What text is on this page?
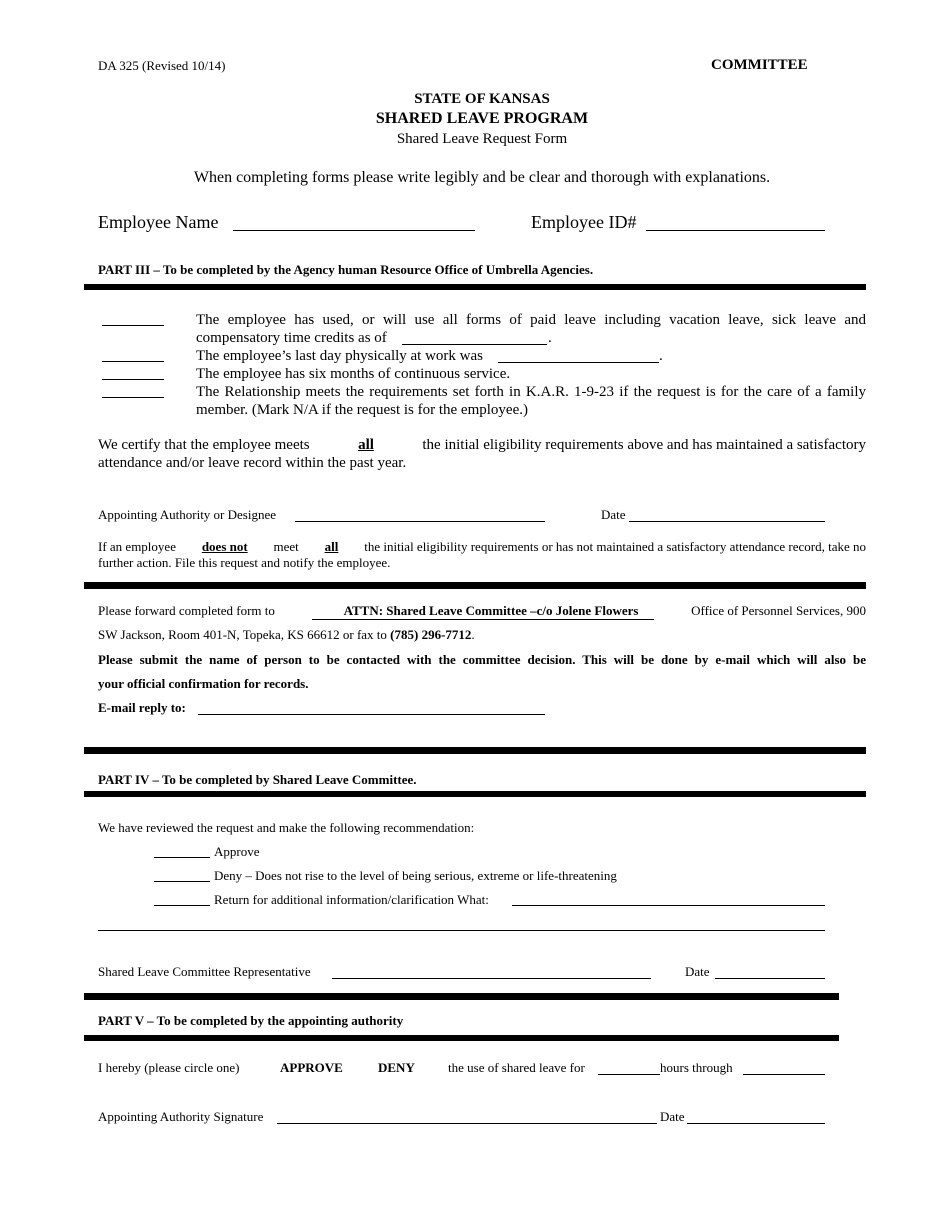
DA 325 (Revised 10/14)	COMMITTEE
STATE OF KANSAS
SHARED LEAVE PROGRAM
Shared Leave Request Form
When completing forms please write legibly and be clear and thorough with explanations.
Employee Name	Employee ID#
PART III – To be completed by the Agency human Resource Office of Umbrella Agencies.
The employee has used, or will use all forms of paid leave including vacation leave, sick leave and
compensatory time credits as of	.
The employee’s last day physically at work was	.
The employee has six months of continuous service.
The Relationship meets the requirements set forth in K.A.R. 1-9-23 if the request is for the care of a family
member. (Mark N/A if the request is for the employee.)
We certify that the employee meets	all	the initial eligibility requirements above and has maintained a satisfactory
attendance and/or leave record within the past year.
Appointing Authority or Designee	Date
If an employee does not meet all the initial eligibility requirements or has not maintained a satisfactory attendance record, take no
further action. File this request and notify the employee.
Please forward completed form to	ATTN: Shared Leave Committee –c/o Jolene Flowers	Office of Personnel Services, 900
SW Jackson, Room 401-N, Topeka, KS 66612 or fax to (785) 296-7712.
Please submit the name of person to be contacted with the committee decision. This will be done by e-mail which will also be
your official confirmation for records.
E-mail reply to:
PART IV – To be completed by Shared Leave Committee.
We have reviewed the request and make the following recommendation:
Approve
Deny – Does not rise to the level of being serious, extreme or life-threatening
Return for additional information/clarification What:
Shared Leave Committee Representative	Date
PART V – To be completed by the appointing authority
I hereby (please circle one)	APPROVE	DENY	the use of shared leave for	hours through
Appointing Authority Signature	Date
